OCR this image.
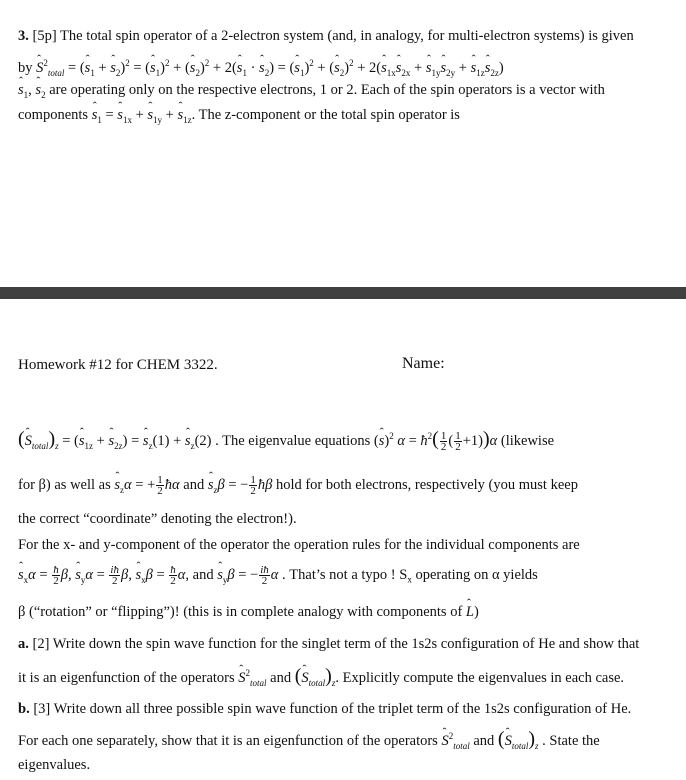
3. [5p] The total spin operator of a 2-electron system (and, in analogy, for multi-electron systems) is given
by ˆ $S^2_{total}$ = (ˆ $s_1$ + ˆ $s_2)^2$ = (ˆ $s_1)^2$ + (ˆ $s_2)^2$ + 2(ˆ $s_1$ · ˆ $s_2$) = (ˆ $s_1)^2$ + (ˆ $s_2)^2$ + 2(ˆ $s_{1x}ˆ$ $s_{2x}$ + ˆ $s_{1y}ˆ$ $s_{2y}$ + ˆ $s_{1z}ˆ$ $s_{2z}$)
ˆ $s_1$, ˆ $s_2$ are operating only on the respective electrons, 1 or 2. Each of the spin operators is a vector with
components ˆ $s_1$ = ˆ $s_{1x}$ + ˆ $s_{1y}$ + ˆ $s_{1z}$. The z-component or the total spin operator is
Homework #12 for CHEM 3322.	Name:
(ˆ $S_{total})_z$ = (ˆ $s_{1z}$ + ˆ $s_{2z}$) = ˆ $s_z(1)$ + ˆ $s_z(2)$ . The eigenvalue equations (ˆ s)$^2$ $\alpha = ħ^2( \frac{1}{2}$ ( $\frac{1}{2} +1))\alpha$ (likewise
for β) as well as ˆ $s_z\alpha$ = + $\frac{1}{2}$ ħα and ˆ $s_z\beta$ = − $\frac{1}{2}$ ħβ hold for both electrons, respectively (you must keep
the correct “coordinate” denoting the electron!).
For the x- and y-component of the operator the operation rules for the individual components are
ˆ $s_x\alpha = \frac{ħ}{2} \beta$, ˆ $s_y\alpha = \frac{iħ}{2} \beta$, ˆ $s_x\beta = \frac{ħ}{2} \alpha$, and ˆ $s_y\beta$ = − $\frac{iħ}{2}$ α . That’s not a typo ! $S_x$ operating on α yields
β (“rotation” or “flipping”)! (this is in complete analogy with components of ˆ L)
a. [2] Write down the spin wave function for the singlet term of the 1s2s configuration of He and show that
it is an eigenfunction of the operators ˆ $S^2_{total}$ and (ˆ $S_{total})_z$. Explicitly compute the eigenvalues in each case.
b. [3] Write down all three possible spin wave function of the triplet term of the 1s2s configuration of He.
For each one separately, show that it is an eigenfunction of the operators ˆ $S^2_{total}$ and (ˆ $S_{total})_z$ . State the
eigenvalues.
